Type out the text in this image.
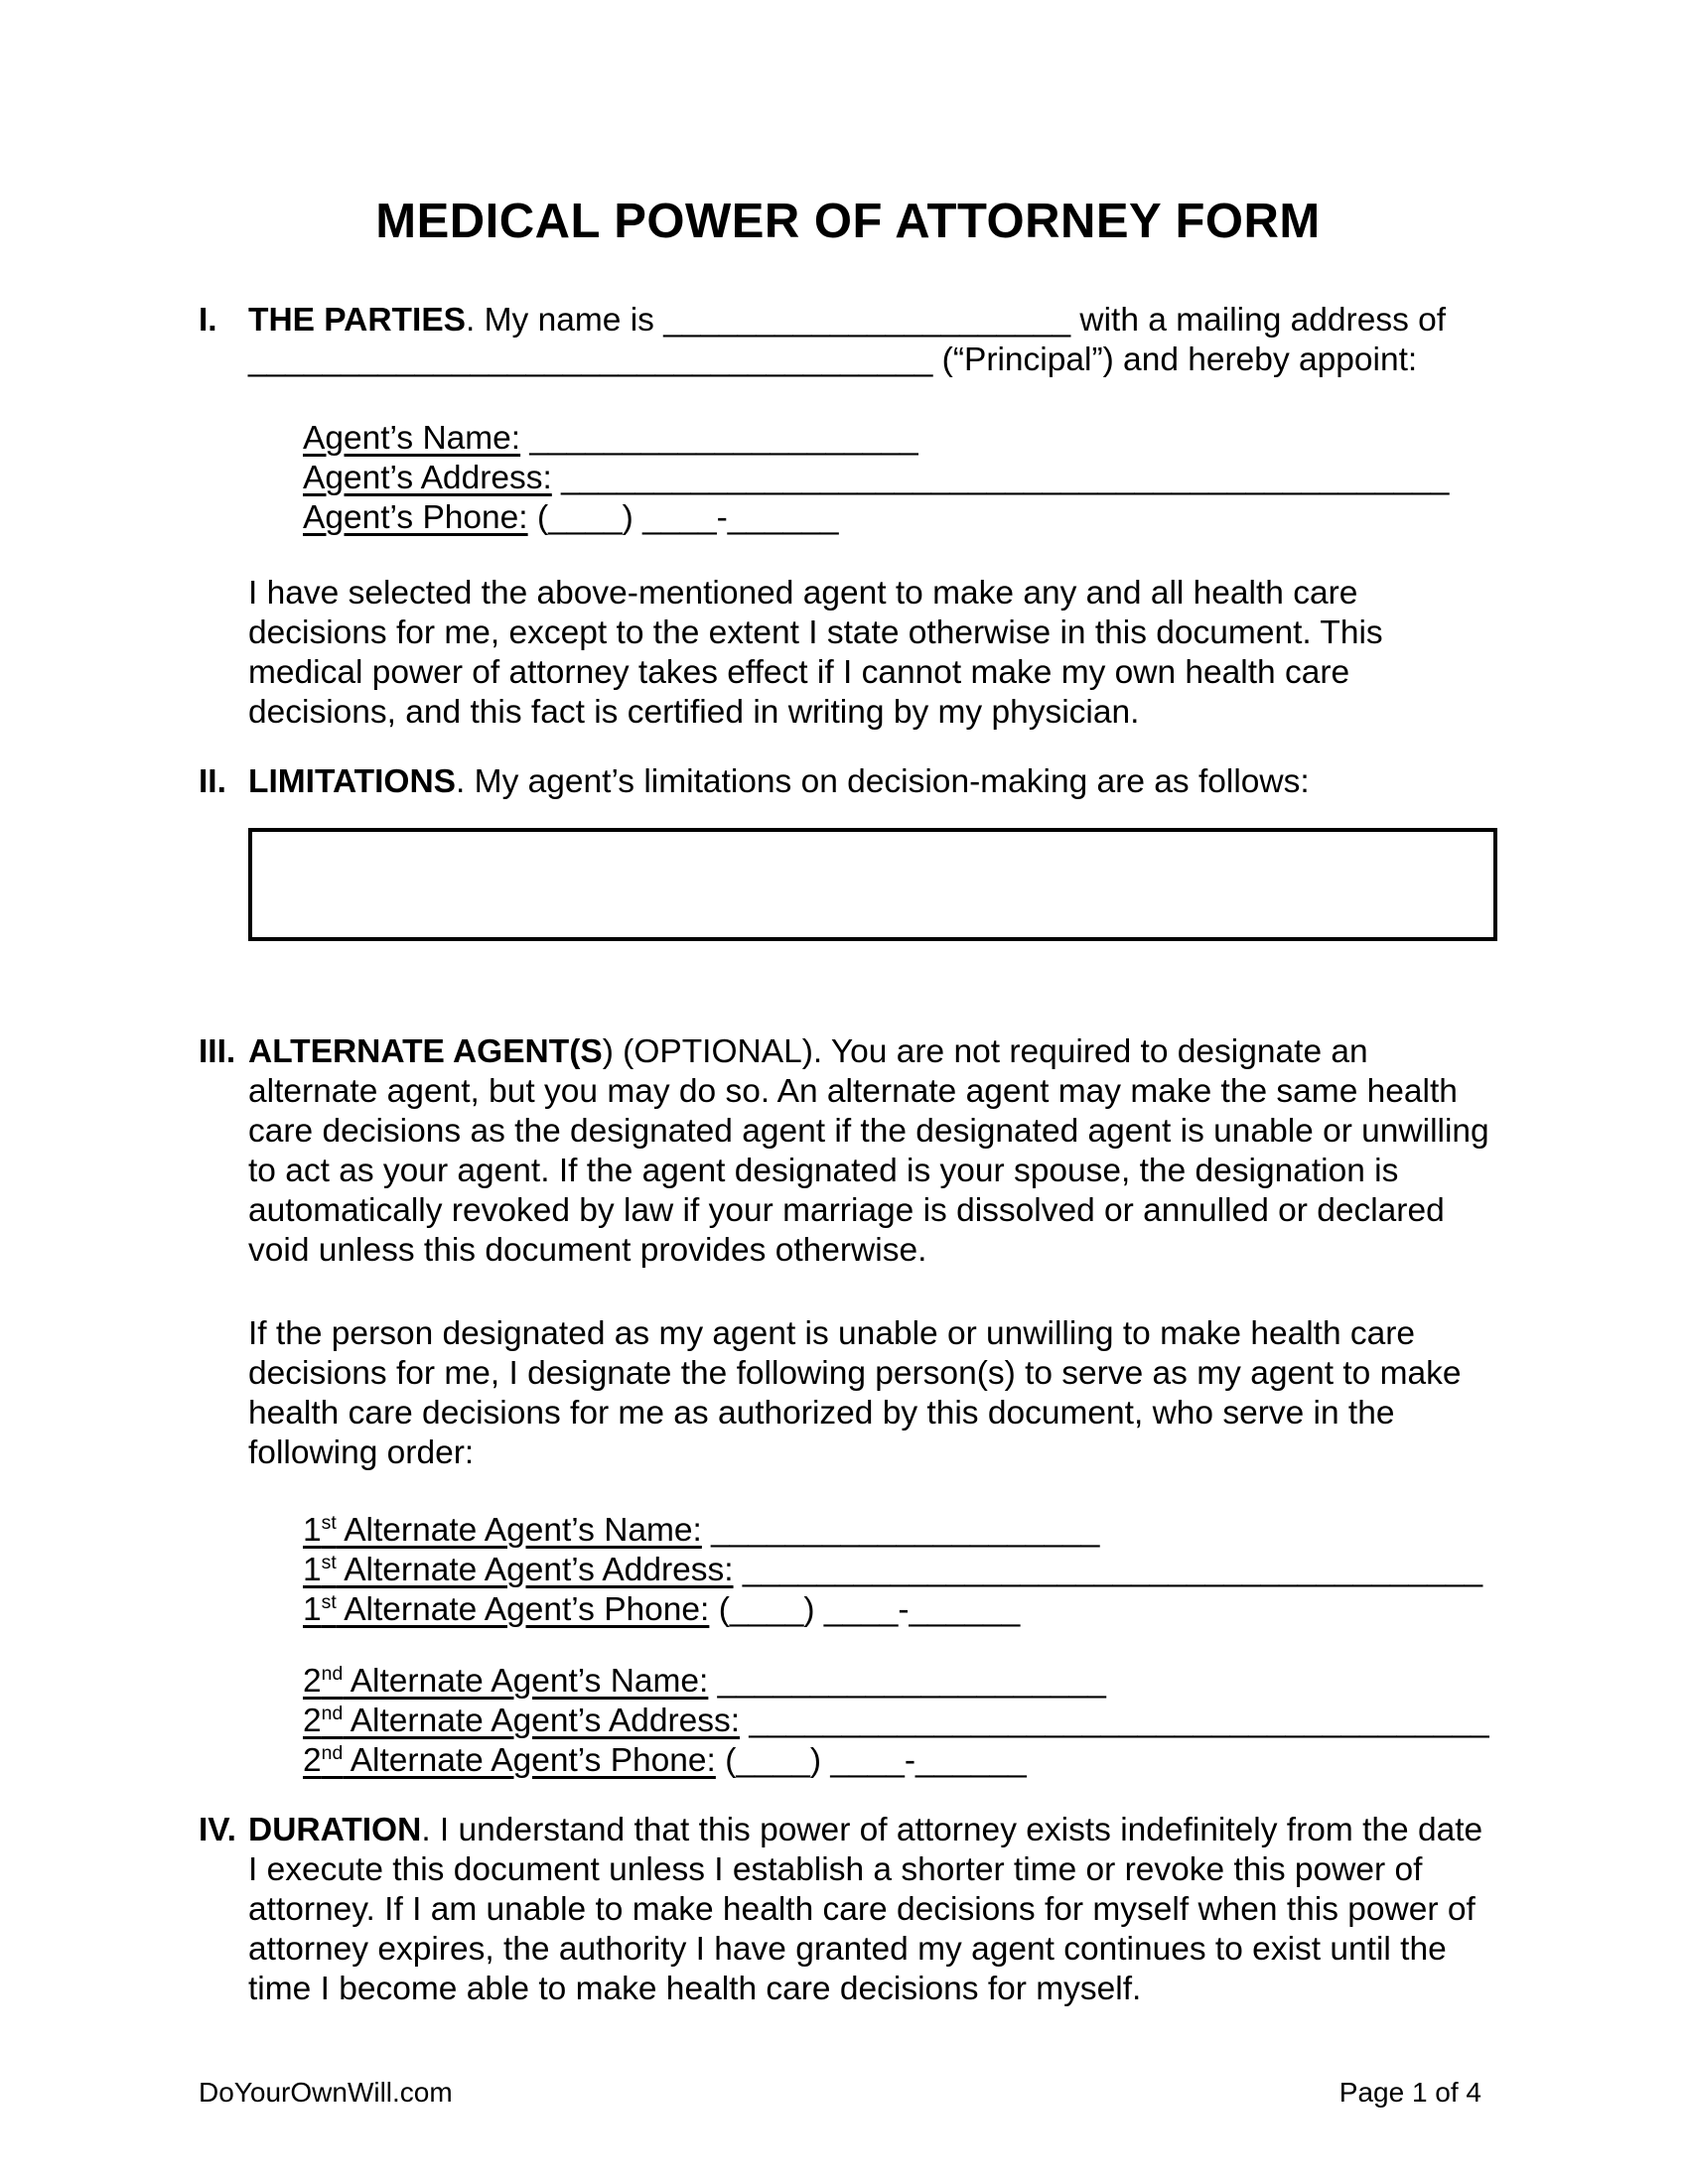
MEDICAL POWER OF ATTORNEY FORM
I. THE PARTIES. My name is ______________________ with a mailing address of _____________________________________ (“Principal”) and hereby appoint:

Agent’s Name: _____________________

Agent’s Address: ________________________________________________

Agent’s Phone: (____) ____-______

I have selected the above-mentioned agent to make any and all health care decisions for me, except to the extent I state otherwise in this document. This medical power of attorney takes effect if I cannot make my own health care decisions, and this fact is certified in writing by my physician.

II. LIMITATIONS. My agent’s limitations on decision-making are as follows:

III. ALTERNATE AGENT(S) (OPTIONAL). You are not required to designate an alternate agent, but you may do so. An alternate agent may make the same health care decisions as the designated agent if the designated agent is unable or unwilling to act as your agent. If the agent designated is your spouse, the designation is automatically revoked by law if your marriage is dissolved or annulled or declared void unless this document provides otherwise.

If the person designated as my agent is unable or unwilling to make health care decisions for me, I designate the following person(s) to serve as my agent to make health care decisions for me as authorized by this document, who serve in the following order:

1st Alternate Agent’s Name: _____________________

1st Alternate Agent’s Address: ________________________________________

1st Alternate Agent’s Phone: (____) ____-______

2nd Alternate Agent’s Name: _____________________

2nd Alternate Agent’s Address: ________________________________________

2nd Alternate Agent’s Phone: (____) ____-______

IV. DURATION. I understand that this power of attorney exists indefinitely from the date I execute this document unless I establish a shorter time or revoke this power of attorney. If I am unable to make health care decisions for myself when this power of attorney expires, the authority I have granted my agent continues to exist until the time I become able to make health care decisions for myself.

DoYourOwnWill.com	Page 1 of 4
